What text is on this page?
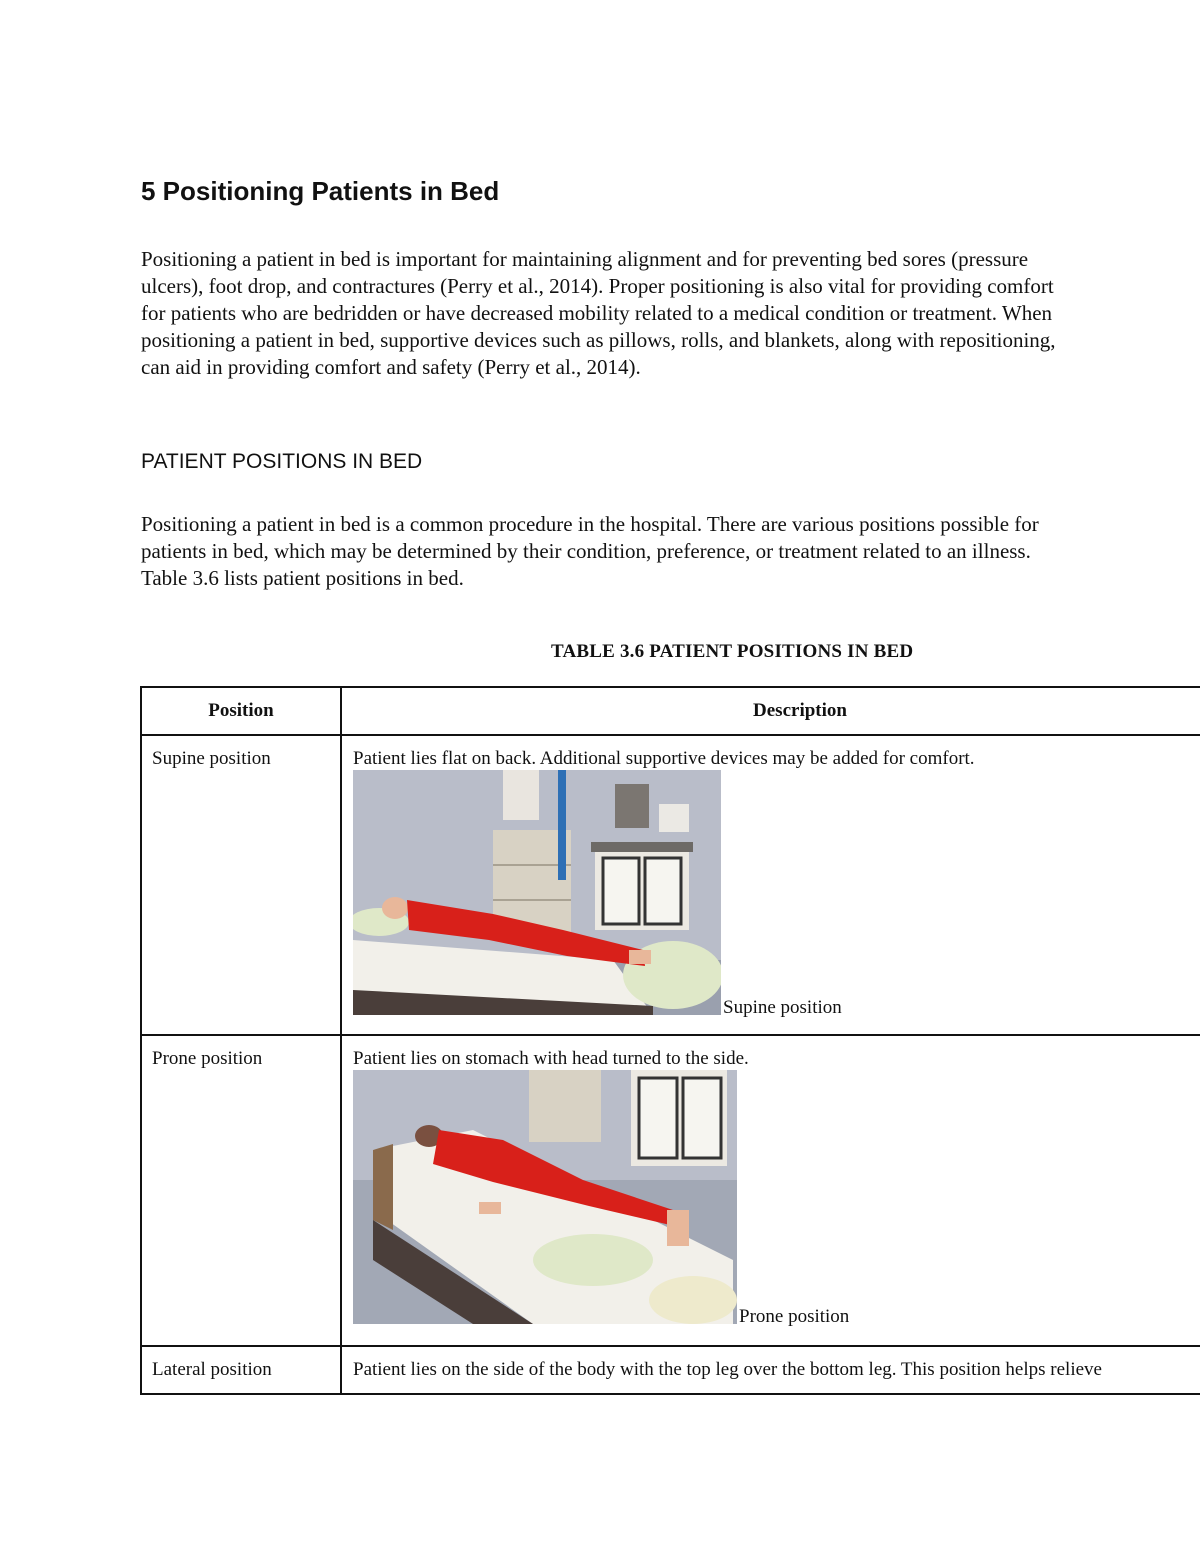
5 Positioning Patients in Bed

Positioning a patient in bed is important for maintaining alignment and for preventing bed sores (pressure ulcers), foot drop, and contractures (Perry et al., 2014). Proper positioning is also vital for providing comfort for patients who are bedridden or have decreased mobility related to a medical condition or treatment. When positioning a patient in bed, supportive devices such as pillows, rolls, and blankets, along with repositioning, can aid in providing comfort and safety (Perry et al., 2014).

PATIENT POSITIONS IN BED

Positioning a patient in bed is a common procedure in the hospital. There are various positions possible for patients in bed, which may be determined by their condition, preference, or treatment related to an illness. Table 3.6 lists patient positions in bed.

TABLE 3.6 PATIENT POSITIONS IN BED

Position	Description

Supine position	Patient lies flat on back. Additional supportive devices may be added for comfort.
Supine position

Prone position	Patient lies on stomach with head turned to the side.
Prone position

Lateral position	Patient lies on the side of the body with the top leg over the bottom leg. This position helps relieve
